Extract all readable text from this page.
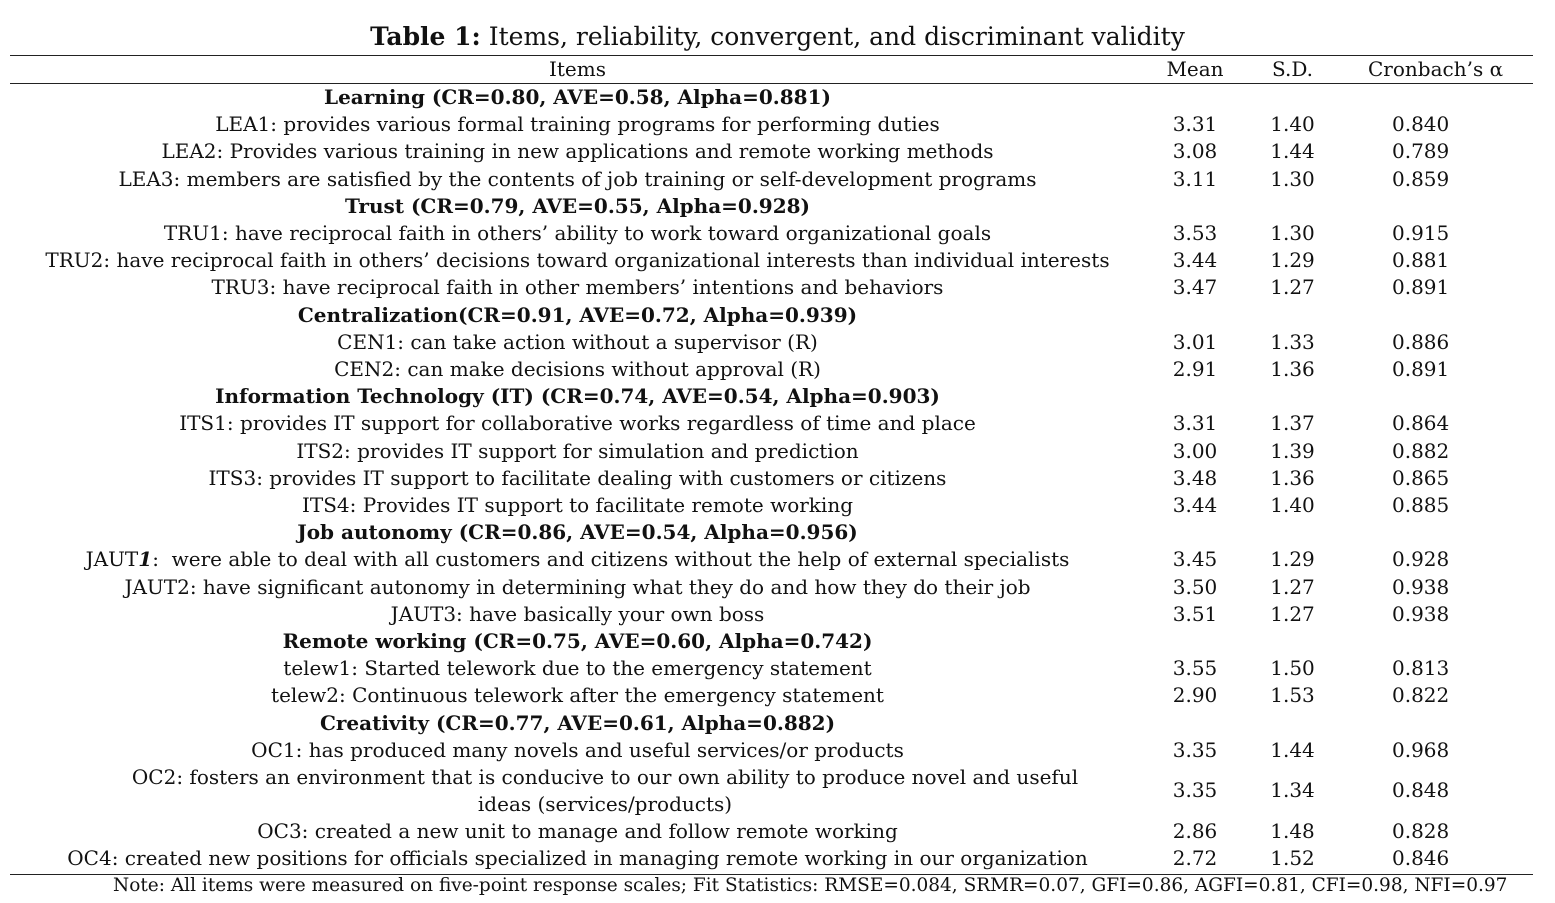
Table 1: Items, reliability, convergent, and discriminant validity
Items	Mean	S.D.	Cronbach’s α
Learning (CR=0.80, AVE=0.58, Alpha=0.881)			
LEA1: provides various formal training programs for performing duties	3.31	1.40	0.840
LEA2: Provides various training in new applications and remote working methods	3.08	1.44	0.789
LEA3: members are satisfied by the contents of job training or self-development programs	3.11	1.30	0.859
Trust (CR=0.79, AVE=0.55, Alpha=0.928)			
TRU1: have reciprocal faith in others’ ability to work toward organizational goals	3.53	1.30	0.915
TRU2: have reciprocal faith in others’ decisions toward organizational interests than individual interests	3.44	1.29	0.881
TRU3: have reciprocal faith in other members’ intentions and behaviors	3.47	1.27	0.891
Centralization(CR=0.91, AVE=0.72, Alpha=0.939)			
CEN1: can take action without a supervisor (R)	3.01	1.33	0.886
CEN2: can make decisions without approval (R)	2.91	1.36	0.891
Information Technology (IT) (CR=0.74, AVE=0.54, Alpha=0.903)			
ITS1: provides IT support for collaborative works regardless of time and place	3.31	1.37	0.864
ITS2: provides IT support for simulation and prediction	3.00	1.39	0.882
ITS3: provides IT support to facilitate dealing with customers or citizens	3.48	1.36	0.865
ITS4: Provides IT support to facilitate remote working	3.44	1.40	0.885
Job autonomy (CR=0.86, AVE=0.54, Alpha=0.956)			
JAUT1:  were able to deal with all customers and citizens without the help of external specialists	3.45	1.29	0.928
JAUT2: have significant autonomy in determining what they do and how they do their job	3.50	1.27	0.938
JAUT3: have basically your own boss	3.51	1.27	0.938
Remote working (CR=0.75, AVE=0.60, Alpha=0.742)			
telew1: Started telework due to the emergency statement	3.55	1.50	0.813
telew2: Continuous telework after the emergency statement	2.90	1.53	0.822
Creativity (CR=0.77, AVE=0.61, Alpha=0.882)			
OC1: has produced many novels and useful services/or products	3.35	1.44	0.968
OC2: fosters an environment that is conducive to our own ability to produce novel and useful ideas (services/products)	3.35	1.34	0.848
OC3: created a new unit to manage and follow remote working	2.86	1.48	0.828
OC4: created new positions for officials specialized in managing remote working in our organization	2.72	1.52	0.846
Note: All items were measured on five-point response scales; Fit Statistics: RMSE=0.084, SRMR=0.07, GFI=0.86, AGFI=0.81, CFI=0.98, NFI=0.97
